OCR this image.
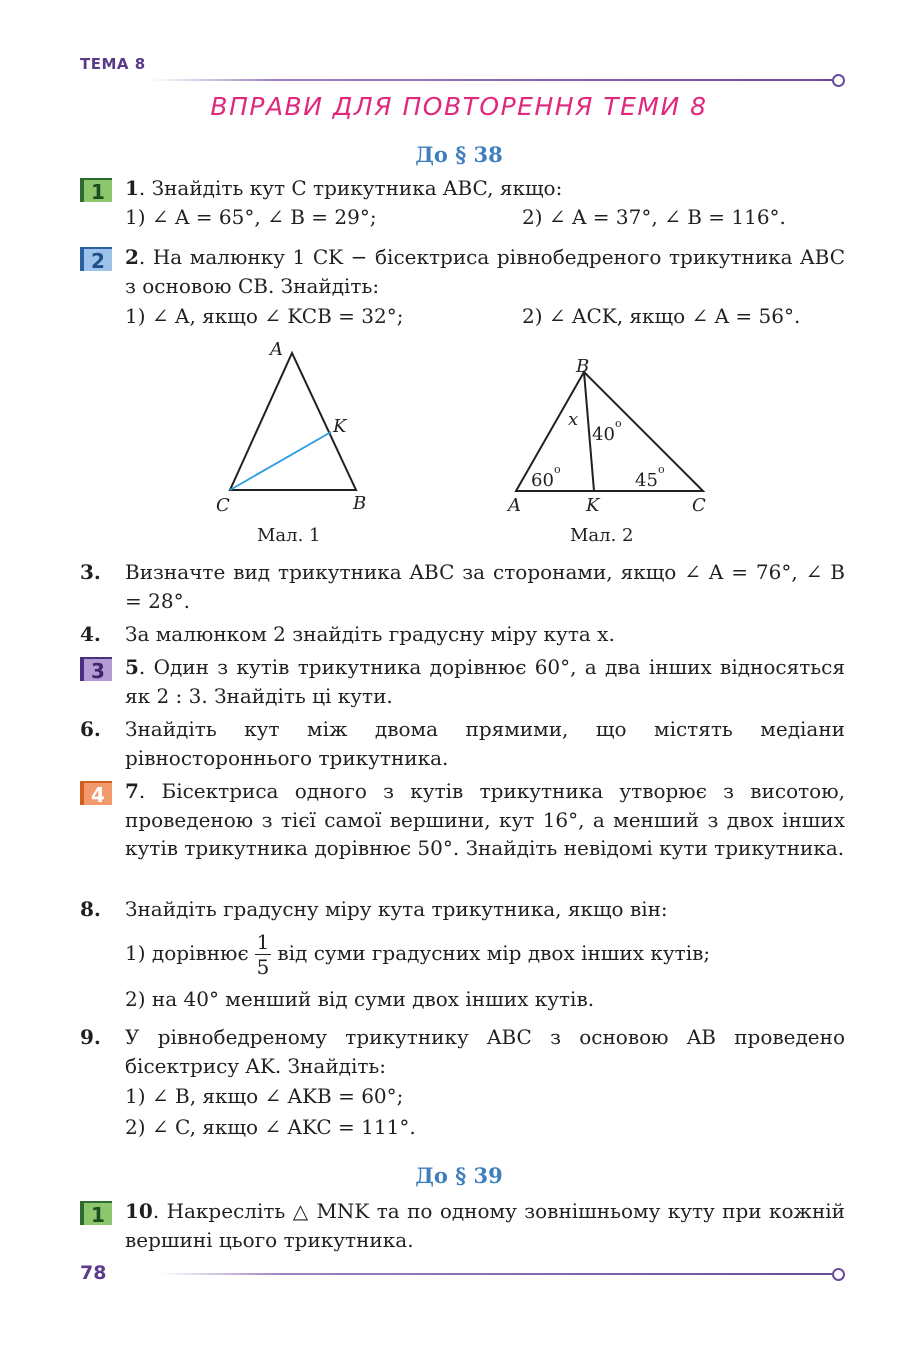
ТЕМА 8
ВПРАВИ ДЛЯ ПОВТОРЕННЯ ТЕМИ 8
До § 38
1	1. Знайдіть кут C трикутника ABC, якщо:
1) ∠ A = 65°, ∠ B = 29°;	2) ∠ A = 37°, ∠ B = 116°.
2	2. На малюнку 1 CK − бісектриса рівнобедреного трикутника ABC з основою CB. Знайдіть:
1) ∠ A, якщо ∠ KCB = 32°;	2) ∠ ACK, якщо ∠ A = 56°.
A
K
C	B
Мал. 1
B
x
40
o
60
o
45
o
A	K	C
Мал. 2
3. Визначте вид трикутника ABC за сторонами, якщо ∠ A = 76°, ∠ B = 28°.
4. За малюнком 2 знайдіть градусну міру кута x.
3	5. Один з кутів трикутника дорівнює 60°, а два інших відносяться як 2 : 3. Знайдіть ці кути.
6. Знайдіть кут між двома прямими, що містять медіани рівностороннього трикутника.
4	7. Бісектриса одного з кутів трикутника утворює з висотою, проведеною з тієї самої вершини, кут 16°, а менший з двох інших кутів трикутника дорівнює 50°. Знайдіть невідомі кути трикутника.
8. Знайдіть градусну міру кута трикутника, якщо він:
1) дорівнює $\frac{1}{5}$ від суми градусних мір двох інших кутів;
2) на 40° менший від суми двох інших кутів.
9. У рівнобедреному трикутнику ABC з основою AB проведено бісектрису AK. Знайдіть:
1) ∠ B, якщо ∠ AKB = 60°;
2) ∠ C, якщо ∠ AKC = 111°.
До § 39
1	10. Накресліть △ MNK та по одному зовнішньому куту при кожній вершині цього трикутника.
78
